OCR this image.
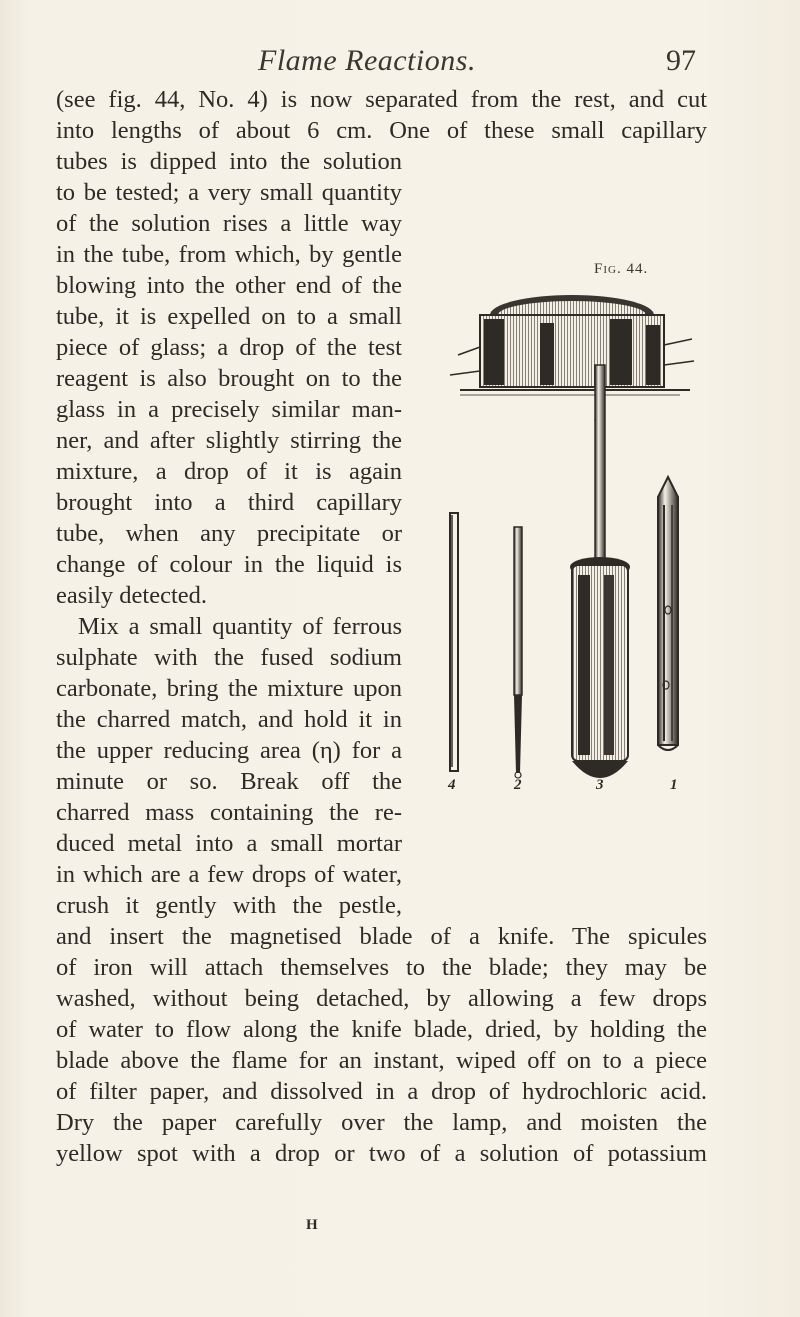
Flame Reactions.	97
(see fig. 44, No. 4) is now separated from the rest, and cut
into lengths of about 6 cm. One of these small capillary
tubes is dipped into the solution
to be tested; a very small quantity
of the solution rises a little way
in the tube, from which, by gentle
blowing into the other end of the
tube, it is expelled on to a small
piece of glass; a drop of the test
reagent is also brought on to the
glass in a precisely similar man-
ner, and after slightly stirring the
mixture, a drop of it is again
brought into a third capillary
tube, when any precipitate or
change of colour in the liquid is
easily detected.
Mix a small quantity of ferrous
sulphate with the fused sodium
carbonate, bring the mixture upon
the charred match, and hold it in
the upper reducing area (η) for a
minute or so. Break off the
charred mass containing the re-
duced metal into a small mortar
in which are a few drops of water,
crush it gently with the pestle,
and insert the magnetised blade of a knife. The spicules
of iron will attach themselves to the blade; they may be
washed, without being detached, by allowing a few drops
of water to flow along the knife blade, dried, by holding the
blade above the flame for an instant, wiped off on to a piece
of filter paper, and dissolved in a drop of hydrochloric acid.
Dry the paper carefully over the lamp, and moisten the
yellow spot with a drop or two of a solution of potassium
Fig. 44.
4	2	3	1
H
